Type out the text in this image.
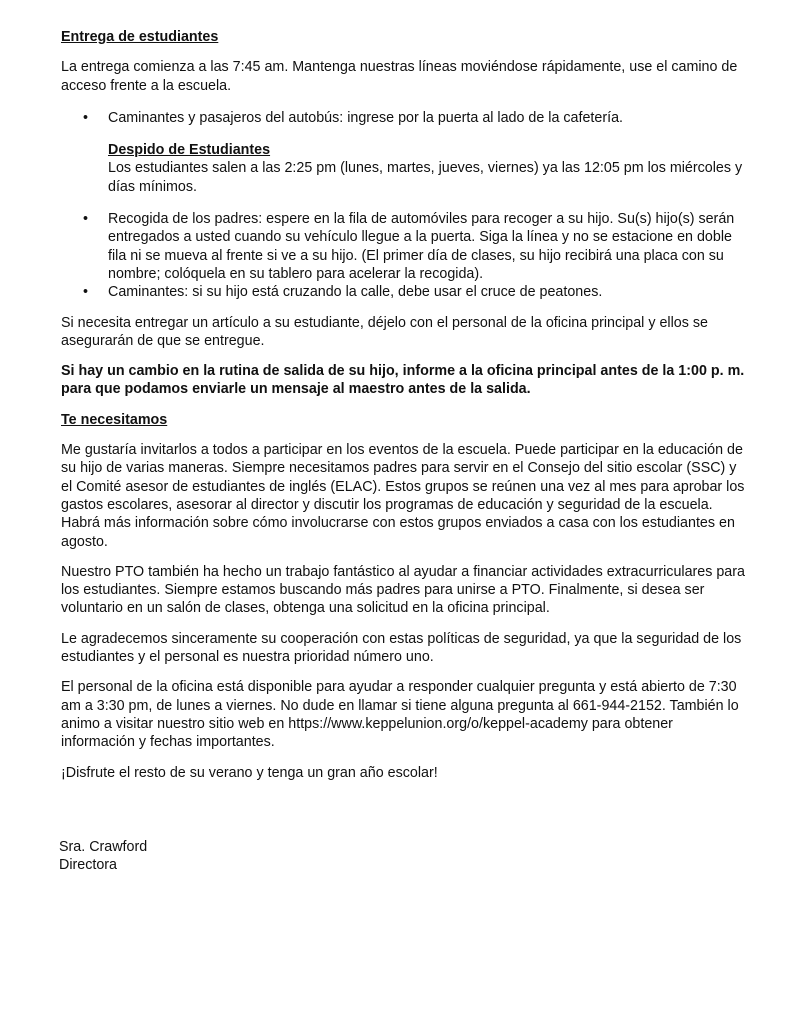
Entrega de estudiantes

La entrega comienza a las 7:45 am. Mantenga nuestras líneas moviéndose rápidamente, use el camino de acceso frente a la escuela.

• Caminantes y pasajeros del autobús: ingrese por la puerta al lado de la cafetería.

Despido de Estudiantes

Los estudiantes salen a las 2:25 pm (lunes, martes, jueves, viernes) ya las 12:05 pm los miércoles y días mínimos.

• Recogida de los padres: espere en la fila de automóviles para recoger a su hijo. Su(s) hijo(s) serán entregados a usted cuando su vehículo llegue a la puerta. Siga la línea y no se estacione en doble fila ni se mueva al frente si ve a su hijo. (El primer día de clases, su hijo recibirá una placa con su nombre; colóquela en su tablero para acelerar la recogida).
• Caminantes: si su hijo está cruzando la calle, debe usar el cruce de peatones.

Si necesita entregar un artículo a su estudiante, déjelo con el personal de la oficina principal y ellos se asegurarán de que se entregue.

Si hay un cambio en la rutina de salida de su hijo, informe a la oficina principal antes de la 1:00 p. m. para que podamos enviarle un mensaje al maestro antes de la salida.

Te necesitamos

Me gustaría invitarlos a todos a participar en los eventos de la escuela. Puede participar en la educación de su hijo de varias maneras. Siempre necesitamos padres para servir en el Consejo del sitio escolar (SSC) y el Comité asesor de estudiantes de inglés (ELAC). Estos grupos se reúnen una vez al mes para aprobar los gastos escolares, asesorar al director y discutir los programas de educación y seguridad de la escuela. Habrá más información sobre cómo involucrarse con estos grupos enviados a casa con los estudiantes en agosto.

Nuestro PTO también ha hecho un trabajo fantástico al ayudar a financiar actividades extracurriculares para los estudiantes. Siempre estamos buscando más padres para unirse a PTO. Finalmente, si desea ser voluntario en un salón de clases, obtenga una solicitud en la oficina principal.

Le agradecemos sinceramente su cooperación con estas políticas de seguridad, ya que la seguridad de los estudiantes y el personal es nuestra prioridad número uno.

El personal de la oficina está disponible para ayudar a responder cualquier pregunta y está abierto de 7:30 am a 3:30 pm, de lunes a viernes. No dude en llamar si tiene alguna pregunta al 661-944-2152. También lo animo a visitar nuestro sitio web en https://www.keppelunion.org/o/keppel-academy para obtener información y fechas importantes.

¡Disfrute el resto de su verano y tenga un gran año escolar!

Sra. Crawford

Directora
